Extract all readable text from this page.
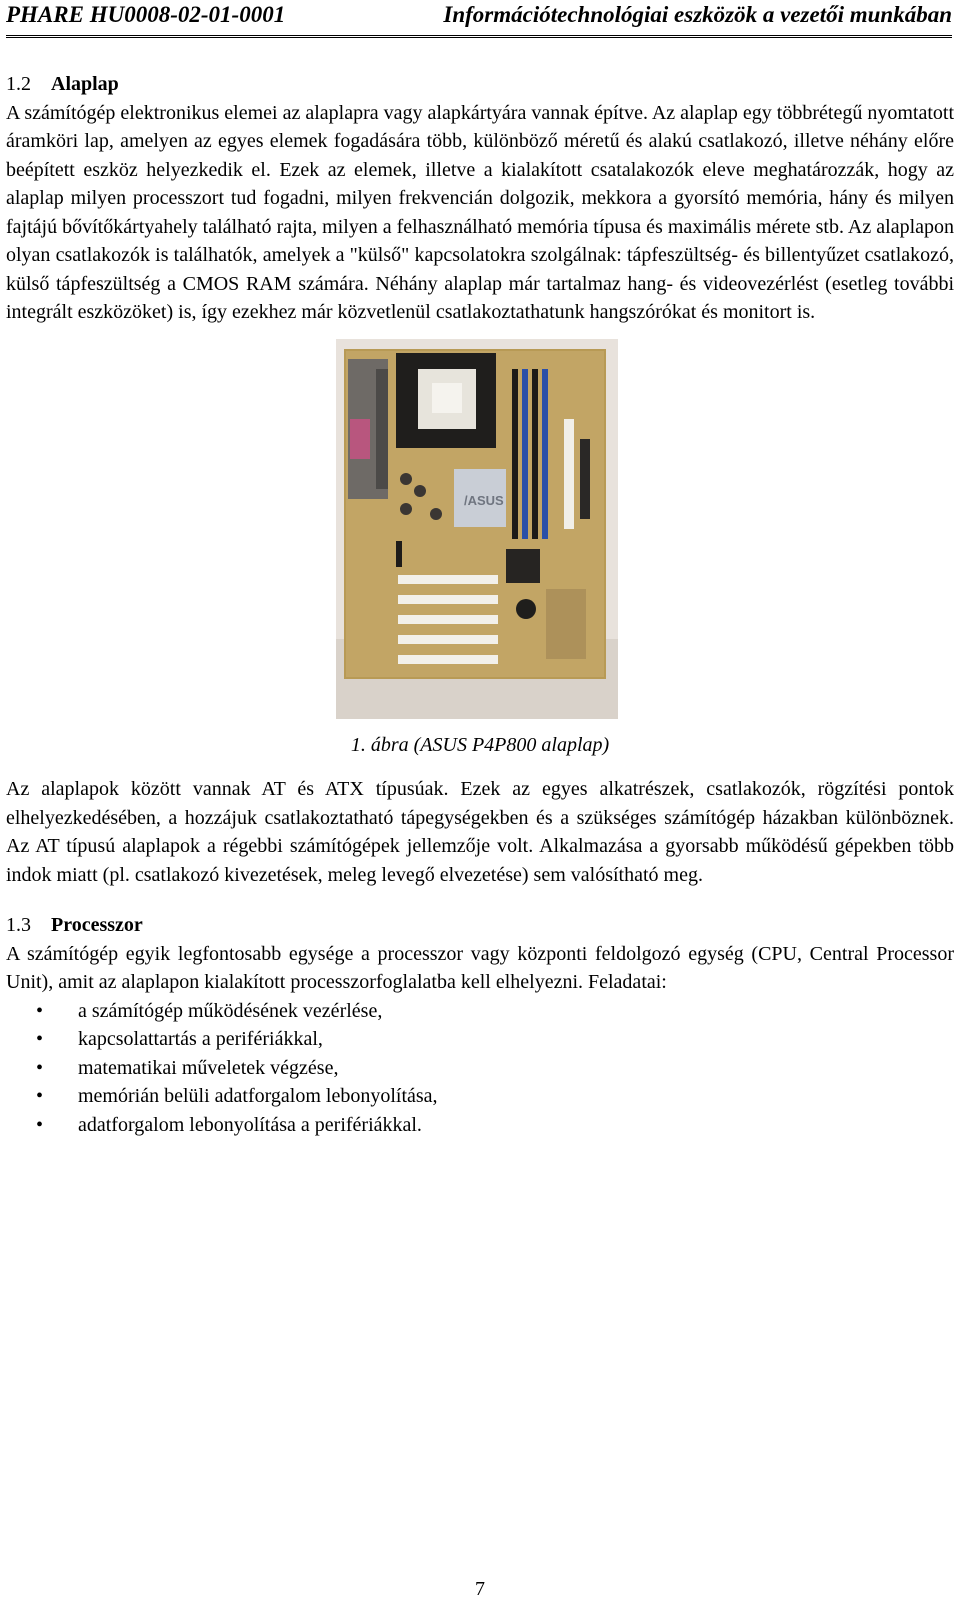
PHARE HU0008-02-01-0001	Információtechnológiai eszközök a vezetői munkában
1.2 Alaplap

A számítógép elektronikus elemei az alaplapra vagy alapkártyára vannak építve. Az alaplap egy többrétegű nyomtatott áramköri lap, amelyen az egyes elemek fogadására több, különböző méretű és alakú csatlakozó, illetve néhány előre beépített eszköz helyezkedik el. Ezek az elemek, illetve a kialakított csatalakozók eleve meghatározzák, hogy az alaplap milyen processzort tud fogadni, milyen frekvencián dolgozik, mekkora a gyorsító memória, hány és milyen fajtájú bővítőkártyahely található rajta, milyen a felhasználható memória típusa és maximális mérete stb. Az alaplapon olyan csatlakozók is találhatók, amelyek a "külső" kapcsolatokra szolgálnak: tápfeszültség- és billentyűzet csatlakozó, külső tápfeszültség a CMOS RAM számára. Néhány alaplap már tartalmaz hang- és videovezérlést (esetleg további integrált eszközöket) is, így ezekhez már közvetlenül csatlakoztathatunk hangszórókat és monitort is.

/ASUS
1. ábra (ASUS P4P800 alaplap)

Az alaplapok között vannak AT és ATX típusúak. Ezek az egyes alkatrészek, csatlakozók, rögzítési pontok elhelyezkedésében, a hozzájuk csatlakoztatható tápegységekben és a szükséges számítógép házakban különböznek. Az AT típusú alaplapok a régebbi számítógépek jellemzője volt. Alkalmazása a gyorsabb működésű gépekben több indok miatt (pl. csatlakozó kivezetések, meleg levegő elvezetése) sem valósítható meg.

1.3 Processzor

A számítógép egyik legfontosabb egysége a processzor vagy központi feldolgozó egység (CPU, Central Processor Unit), amit az alaplapon kialakított processzorfoglalatba kell elhelyezni. Feladatai:

•	a számítógép működésének vezérlése,
•	kapcsolattartás a perifériákkal,
•	matematikai műveletek végzése,
•	memórián belüli adatforgalom lebonyolítása,
•	adatforgalom lebonyolítása a perifériákkal.
7
